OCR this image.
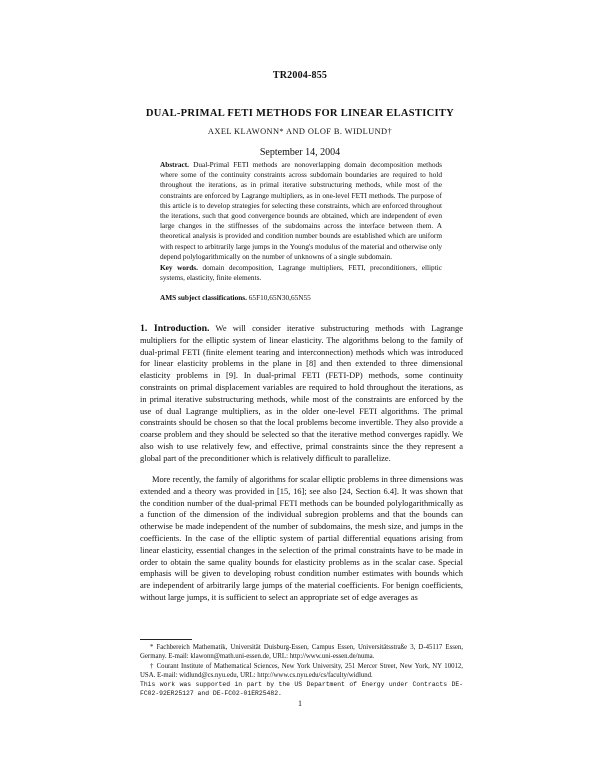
TR2004-855
DUAL-PRIMAL FETI METHODS FOR LINEAR ELASTICITY
AXEL KLAWONN* AND OLOF B. WIDLUND†
September 14, 2004
Abstract. Dual-Primal FETI methods are nonoverlapping domain decomposition methods where some of the continuity constraints across subdomain boundaries are required to hold throughout the iterations, as in primal iterative substructuring methods, while most of the constraints are enforced by Lagrange multipliers, as in one-level FETI methods. The purpose of this article is to develop strategies for selecting these constraints, which are enforced throughout the iterations, such that good convergence bounds are obtained, which are independent of even large changes in the stiffnesses of the subdomains across the interface between them. A theoretical analysis is provided and condition number bounds are established which are uniform with respect to arbitrarily large jumps in the Young's modulus of the material and otherwise only depend polylogarithmically on the number of unknowns of a single subdomain.
Key words. domain decomposition, Lagrange multipliers, FETI, preconditioners, elliptic systems, elasticity, finite elements.
AMS subject classifications. 65F10,65N30,65N55
1. Introduction. We will consider iterative substructuring methods with Lagrange multipliers for the elliptic system of linear elasticity. The algorithms belong to the family of dual-primal FETI (finite element tearing and interconnection) methods which was introduced for linear elasticity problems in the plane in [8] and then extended to three dimensional elasticity problems in [9]. In dual-primal FETI (FETI-DP) methods, some continuity constraints on primal displacement variables are required to hold throughout the iterations, as in primal iterative substructuring methods, while most of the constraints are enforced by the use of dual Lagrange multipliers, as in the older one-level FETI algorithms. The primal constraints should be chosen so that the local problems become invertible. They also provide a coarse problem and they should be selected so that the iterative method converges rapidly. We also wish to use relatively few, and effective, primal constraints since the they represent a global part of the preconditioner which is relatively difficult to parallelize.
More recently, the family of algorithms for scalar elliptic problems in three dimensions was extended and a theory was provided in [15, 16]; see also [24, Section 6.4]. It was shown that the condition number of the dual-primal FETI methods can be bounded polylogarithmically as a function of the dimension of the individual subregion problems and that the bounds can otherwise be made independent of the number of subdomains, the mesh size, and jumps in the coefficients. In the case of the elliptic system of partial differential equations arising from linear elasticity, essential changes in the selection of the primal constraints have to be made in order to obtain the same quality bounds for elasticity problems as in the scalar case. Special emphasis will be given to developing robust condition number estimates with bounds which are independent of arbitrarily large jumps of the material coefficients. For benign coefficients, without large jumps, it is sufficient to select an appropriate set of edge averages as
* Fachbereich Mathematik, Universität Duisburg-Essen, Campus Essen, Universitätsstraße 3, D-45117 Essen, Germany. E-mail: klawonn@math.uni-essen.de, URL: http://www.uni-essen.de/numa.
† Courant Institute of Mathematical Sciences, New York University, 251 Mercer Street, New York, NY 10012, USA. E-mail: widlund@cs.nyu.edu, URL: http://www.cs.nyu.edu/cs/faculty/widlund.
This work was supported in part by the US Department of Energy under Contracts DE-FC02-92ER25127 and DE-FC02-01ER25482.
1
